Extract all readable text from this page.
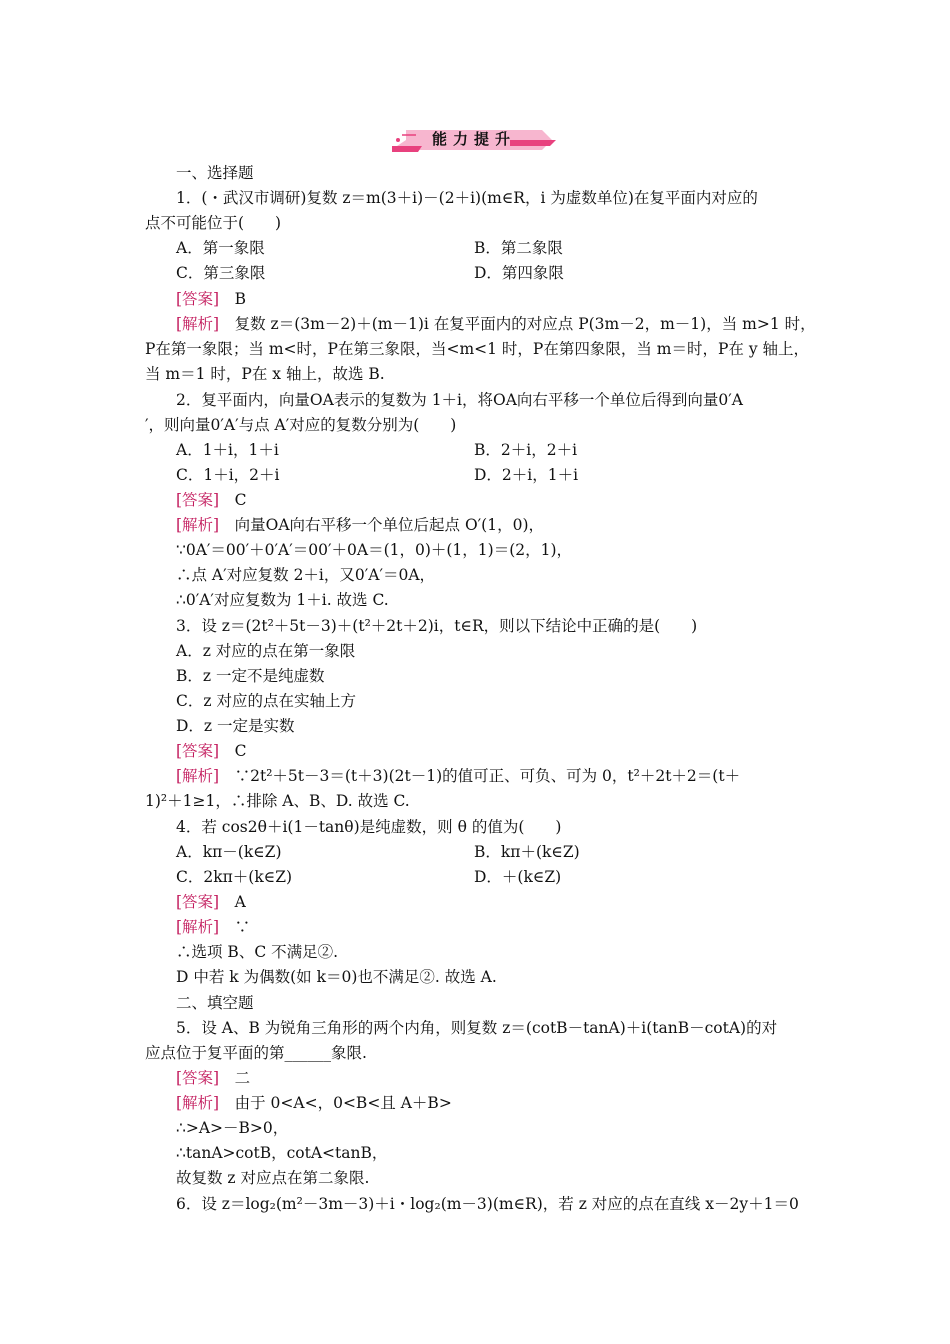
能力提升
一、选择题
1．(・武汉市调研)复数 z＝m(3＋i)－(2＋i)(m∈R，i 为虚数单位)在复平面内对应的
点不可能位于(　　)
A．第一象限	B．第二象限
C．第三象限	D．第四象限
[答案]　 B
[解析]　 复数 z＝(3m－2)＋(m－1)i 在复平面内的对应点 P(3m－2，m－1)，当 m>1 时，
P在第一象限；当 m<时，P在第三象限，当<m<1 时，P在第四象限，当 m＝时，P在 y 轴上，
当 m＝1 时，P在 x 轴上，故选 B.
2．复平面内，向量OA表示的复数为 1＋i，将OA向右平移一个单位后得到向量0′A
′，则向量0′A′与点 A′对应的复数分别为(　　)
A．1＋i，1＋i	B．2＋i，2＋i
C．1＋i，2＋i	D．2＋i，1＋i
[答案]　 C
[解析]　 向量OA向右平移一个单位后起点 O′(1，0)，
∵0A′＝00′＋0′A′＝00′＋0A＝(1，0)＋(1，1)＝(2，1)，
∴点 A′对应复数 2＋i，又0′A′＝0A，
∴0′A′对应复数为 1＋i. 故选 C.
3．设 z＝(2t²＋5t－3)＋(t²＋2t＋2)i，t∈R，则以下结论中正确的是(　　)
A．z 对应的点在第一象限
B．z 一定不是纯虚数
C．z 对应的点在实轴上方
D．z 一定是实数
[答案]　 C
[解析]　 ∵2t²＋5t－3＝(t＋3)(2t－1)的值可正、可负、可为 0，t²＋2t＋2＝(t＋
1)²＋1≥1，∴排除 A、B、D. 故选 C.
4．若 cos2θ＋i(1－tanθ)是纯虚数，则 θ 的值为(　　)
A．kπ－(k∈Z)	B．kπ＋(k∈Z)
C．2kπ＋(k∈Z)	D．＋(k∈Z)
[答案]　 A
[解析]　 ∵
∴选项 B、C 不满足②.
D 中若 k 为偶数(如 k＝0)也不满足②. 故选 A.
二、填空题
5．设 A、B 为锐角三角形的两个内角，则复数 z＝(cotB－tanA)＋i(tanB－cotA)的对
应点位于复平面的第______象限.
[答案]　 二
[解析]　 由于 0<A<，0<B<且 A＋B>
∴>A>－B>0，
∴tanA>cotB，cotA<tanB，
故复数 z 对应点在第二象限.
6．设 z＝log₂(m²－3m－3)＋i・log₂(m－3)(m∈R)，若 z 对应的点在直线 x－2y＋1＝0
